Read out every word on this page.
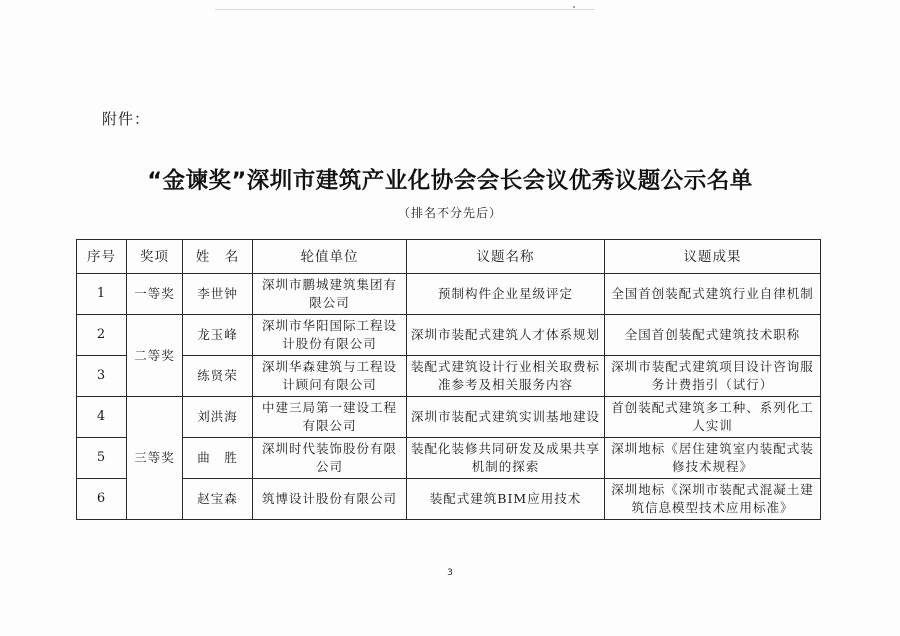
附件：
“金谏奖”深圳市建筑产业化协会会长会议优秀议题公示名单
（排名不分先后）
序号	奖项	姓　名	轮值单位	议题名称	议题成果
1	一等奖	李世钟	深圳市鹏城建筑集团有限公司	预制构件企业星级评定	全国首创装配式建筑行业自律机制
2	二等奖	龙玉峰	深圳市华阳国际工程设计股份有限公司	深圳市装配式建筑人才体系规划	全国首创装配式建筑技术职称
3		练贤荣	深圳华森建筑与工程设计顾问有限公司	装配式建筑设计行业相关取费标准参考及相关服务内容	深圳市装配式建筑项目设计咨询服务计费指引（试行）
4	三等奖	刘洪海	中建三局第一建设工程有限公司	深圳市装配式建筑实训基地建设	首创装配式建筑多工种、系列化工人实训
5		曲　胜	深圳时代装饰股份有限公司	装配化装修共同研发及成果共享机制的探索	深圳地标《居住建筑室内装配式装修技术规程》
6		赵宝森	筑博设计股份有限公司	装配式建筑BIM应用技术	深圳地标《深圳市装配式混凝土建筑信息模型技术应用标准》
3
